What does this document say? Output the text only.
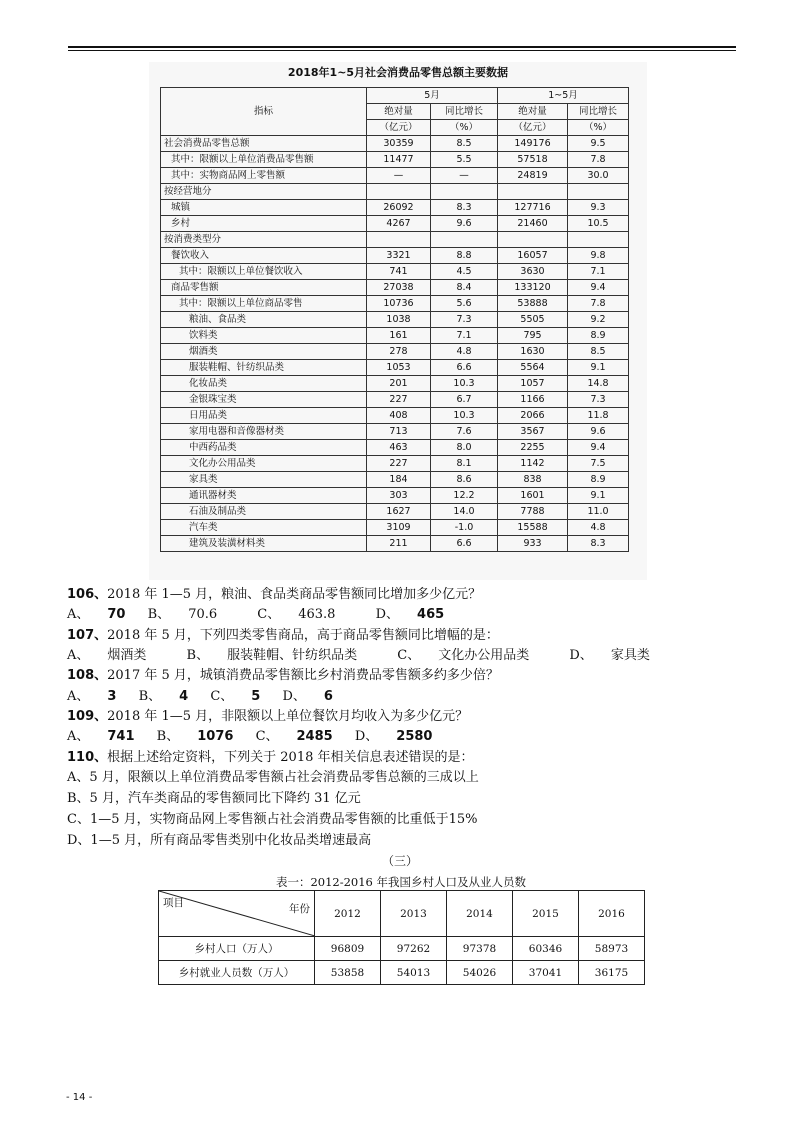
2018年1~5月社会消费品零售总额主要数据
指标	5月		1~5月	
	绝对量	同比增长	绝对量	同比增长
	（亿元）	（%）	（亿元）	（%）
社会消费品零售总额	30359	8.5	149176	9.5
其中：限额以上单位消费品零售额	11477	5.5	57518	7.8
其中：实物商品网上零售额	—	—	24819	30.0
按经营地分				
城镇	26092	8.3	127716	9.3
乡村	4267	9.6	21460	10.5
按消费类型分				
餐饮收入	3321	8.8	16057	9.8
其中：限额以上单位餐饮收入	741	4.5	3630	7.1
商品零售额	27038	8.4	133120	9.4
其中：限额以上单位商品零售	10736	5.6	53888	7.8
粮油、食品类	1038	7.3	5505	9.2
饮料类	161	7.1	795	8.9
烟酒类	278	4.8	1630	8.5
服装鞋帽、针纺织品类	1053	6.6	5564	9.1
化妆品类	201	10.3	1057	14.8
金银珠宝类	227	6.7	1166	7.3
日用品类	408	10.3	2066	11.8
家用电器和音像器材类	713	7.6	3567	9.6
中西药品类	463	8.0	2255	9.4
文化办公用品类	227	8.1	1142	7.5
家具类	184	8.6	838	8.9
通讯器材类	303	12.2	1601	9.1
石油及制品类	1627	14.0	7788	11.0
汽车类	3109	-1.0	15588	4.8
建筑及装潢材料类	211	6.6	933	8.3
106、2018 年 1—5 月，粮油、食品类商品零售额同比增加多少亿元？
A、 70 B、 70.6	C、 463.8	D、 465
107、2018 年 5 月，下列四类零售商品，高于商品零售额同比增幅的是：
A、 烟酒类	B、 服装鞋帽、针纺织品类	C、 文化办公用品类	D、 家具类
108、2017 年 5 月，城镇消费品零售额比乡村消费品零售额多约多少倍？
A、 3 B、 4 C、 5 D、 6
109、2018 年 1—5 月，非限额以上单位餐饮月均收入为多少亿元？
A、 741 B、 1076 C、 2485 D、 2580
110、根据上述给定资料，下列关于 2018 年相关信息表述错误的是：
A、5 月，限额以上单位消费品零售额占社会消费品零售总额的三成以上
B、5 月，汽车类商品的零售额同比下降约 31 亿元
C、1—5 月，实物商品网上零售额占社会消费品零售额的比重低于15%
D、1—5 月，所有商品零售类别中化妆品类增速最高
（三）
表一：2012-2016 年我国乡村人口及从业人员数
项目 年份	2012	2013	2014	2015	2016
乡村人口（万人）	96809	97262	97378	60346	58973
乡村就业人员数（万人）	53858	54013	54026	37041	36175
- 14 -
